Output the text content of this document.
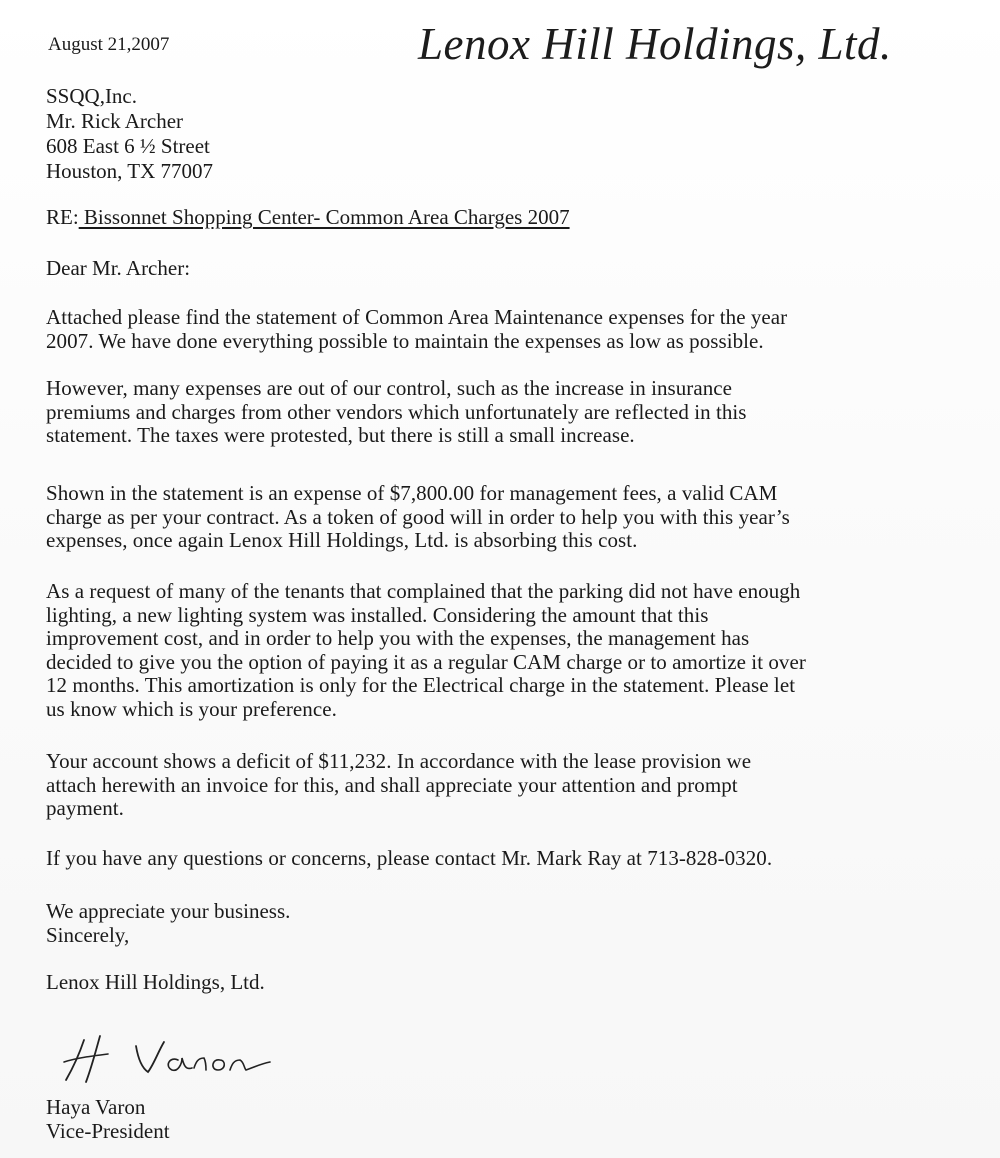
Lenox Hill Holdings, Ltd.
August 21,2007
SSQQ,Inc.
Mr. Rick Archer
608 East 6 ½ Street
Houston, TX 77007
RE: Bissonnet Shopping Center- Common Area Charges 2007
Dear Mr. Archer:
Attached please find the statement of Common Area Maintenance expenses for the year
2007. We have done everything possible to maintain the expenses as low as possible.
However, many expenses are out of our control, such as the increase in insurance
premiums and charges from other vendors which unfortunately are reflected in this
statement. The taxes were protested, but there is still a small increase.
Shown in the statement is an expense of $7,800.00 for management fees, a valid CAM
charge as per your contract. As a token of good will in order to help you with this year’s
expenses, once again Lenox Hill Holdings, Ltd. is absorbing this cost.
As a request of many of the tenants that complained that the parking did not have enough
lighting, a new lighting system was installed. Considering the amount that this
improvement cost, and in order to help you with the expenses, the management has
decided to give you the option of paying it as a regular CAM charge or to amortize it over
12 months. This amortization is only for the Electrical charge in the statement. Please let
us know which is your preference.
Your account shows a deficit of $11,232. In accordance with the lease provision we
attach herewith an invoice for this, and shall appreciate your attention and prompt
payment.
If you have any questions or concerns, please contact Mr. Mark Ray at 713-828-0320.
We appreciate your business.
Sincerely,
Lenox Hill Holdings, Ltd.
Haya Varon
Vice-President
